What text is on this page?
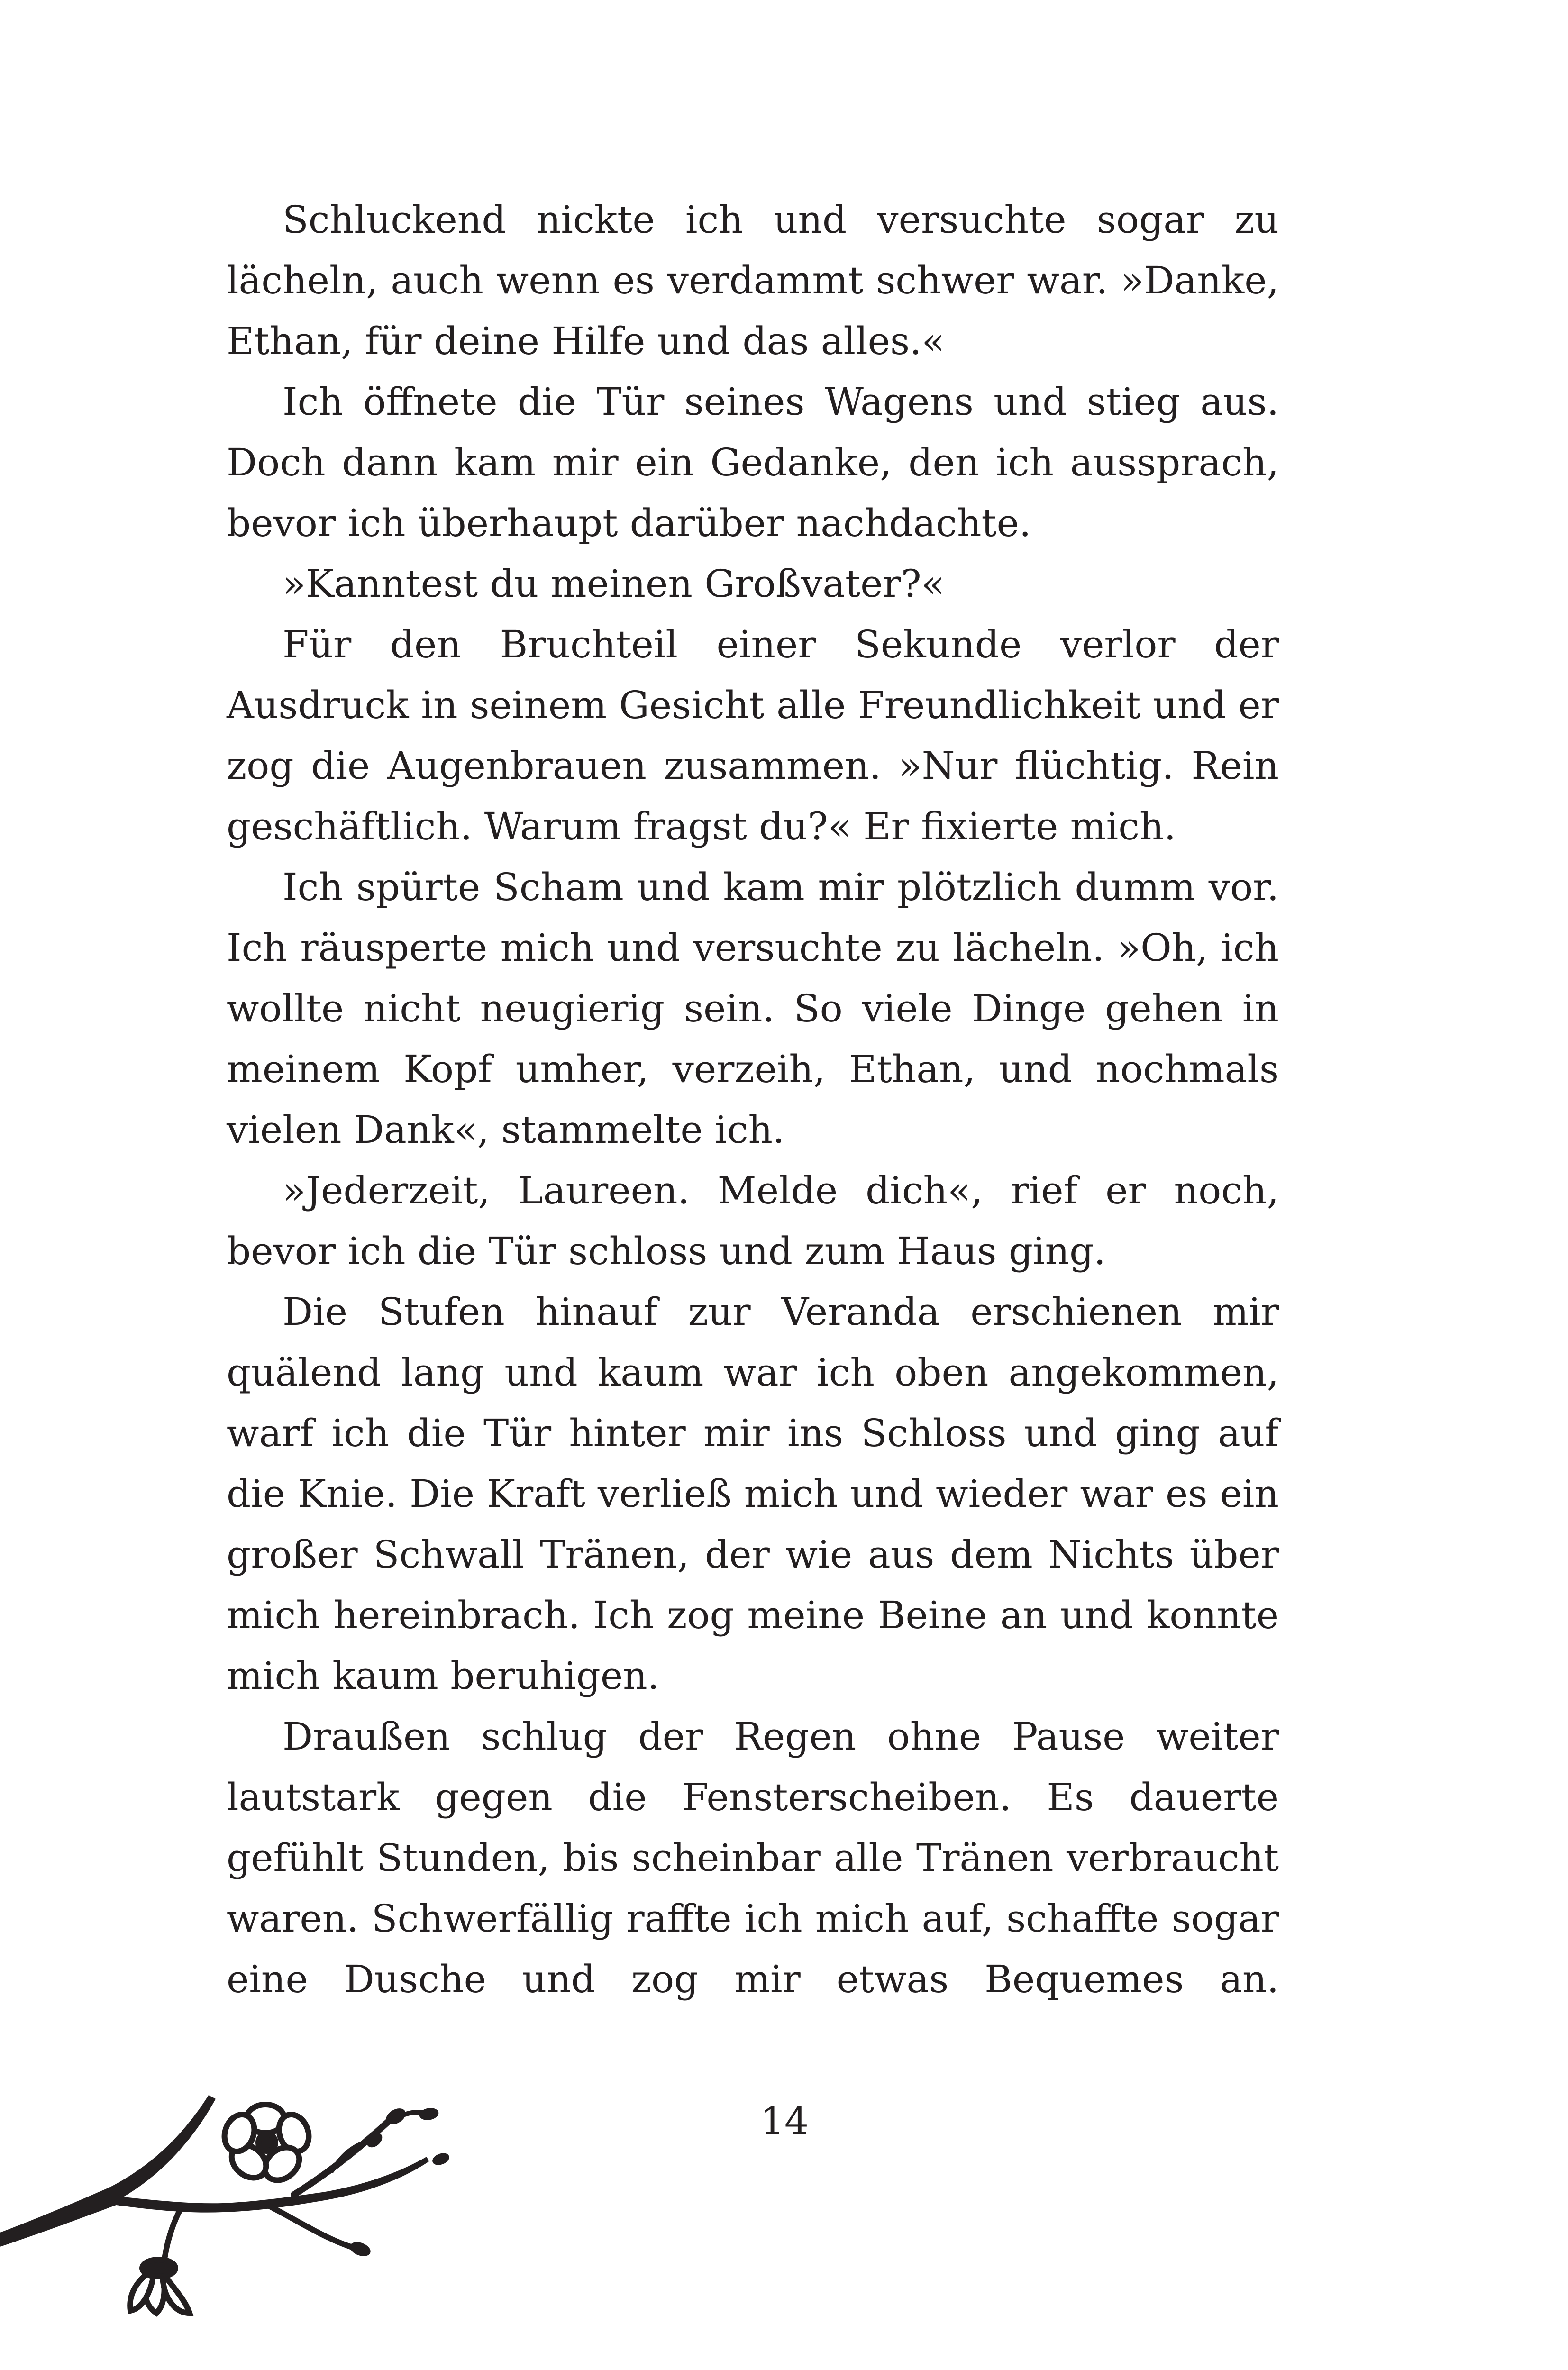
Schluckend nickte ich und versuchte sogar zu lächeln, auch wenn es verdammt schwer war. »Danke, Ethan, für deine Hilfe und das alles.«

Ich öffnete die Tür seines Wagens und stieg aus. Doch dann kam mir ein Gedanke, den ich aussprach, bevor ich überhaupt darüber nachdachte.

»Kanntest du meinen Großvater?«

Für den Bruchteil einer Sekunde verlor der Ausdruck in seinem Gesicht alle Freundlichkeit und er zog die Augenbrauen zusammen. »Nur flüchtig. Rein geschäftlich. Warum fragst du?« Er fixierte mich.

Ich spürte Scham und kam mir plötzlich dumm vor. Ich räusperte mich und versuchte zu lächeln. »Oh, ich wollte nicht neugierig sein. So viele Dinge gehen in meinem Kopf umher, verzeih, Ethan, und nochmals vielen Dank«, stammelte ich.

»Jederzeit, Laureen. Melde dich«, rief er noch, bevor ich die Tür schloss und zum Haus ging.

Die Stufen hinauf zur Veranda erschienen mir quälend lang und kaum war ich oben angekommen, warf ich die Tür hinter mir ins Schloss und ging auf die Knie. Die Kraft verließ mich und wieder war es ein großer Schwall Tränen, der wie aus dem Nichts über mich hereinbrach. Ich zog meine Beine an und konnte mich kaum beruhigen.

Draußen schlug der Regen ohne Pause weiter lautstark gegen die Fensterscheiben. Es dauerte gefühlt Stunden, bis scheinbar alle Tränen verbraucht waren. Schwerfällig raffte ich mich auf, schaffte sogar eine Dusche und zog mir etwas Bequemes an.

14
